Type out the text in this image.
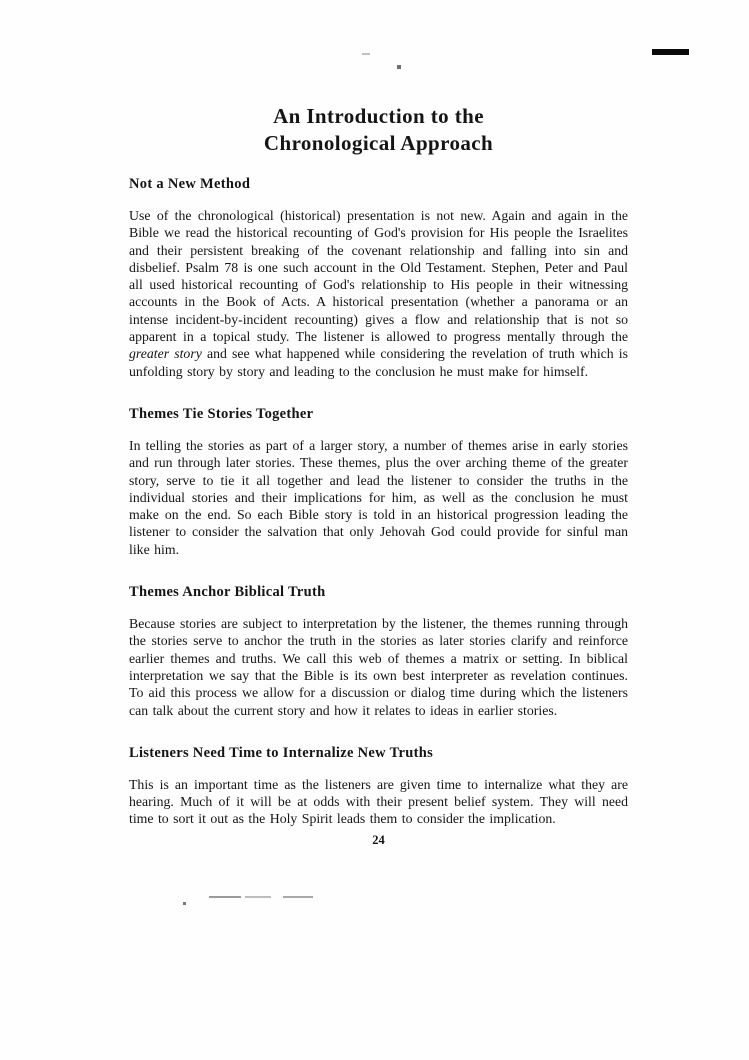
An Introduction to the
Chronological Approach
Not a New Method

Use of the chronological (historical) presentation is not new. Again and again in the Bible we read the historical recounting of God's provision for His people the Israelites and their persistent breaking of the covenant relationship and falling into sin and disbelief. Psalm 78 is one such account in the Old Testament. Stephen, Peter and Paul all used historical recounting of God's relationship to His people in their witnessing accounts in the Book of Acts. A historical presentation (whether a panorama or an intense incident-by-incident recounting) gives a flow and relationship that is not so apparent in a topical study. The listener is allowed to progress mentally through the greater story and see what happened while considering the revelation of truth which is unfolding story by story and leading to the conclusion he must make for himself.

Themes Tie Stories Together

In telling the stories as part of a larger story, a number of themes arise in early stories and run through later stories. These themes, plus the over arching theme of the greater story, serve to tie it all together and lead the listener to consider the truths in the individual stories and their implications for him, as well as the conclusion he must make on the end. So each Bible story is told in an historical progression leading the listener to consider the salvation that only Jehovah God could provide for sinful man like him.

Themes Anchor Biblical Truth

Because stories are subject to interpretation by the listener, the themes running through the stories serve to anchor the truth in the stories as later stories clarify and reinforce earlier themes and truths. We call this web of themes a matrix or setting. In biblical interpretation we say that the Bible is its own best interpreter as revelation continues. To aid this process we allow for a discussion or dialog time during which the listeners can talk about the current story and how it relates to ideas in earlier stories.

Listeners Need Time to Internalize New Truths

This is an important time as the listeners are given time to internalize what they are hearing. Much of it will be at odds with their present belief system. They will need time to sort it out as the Holy Spirit leads them to consider the implication.

24
